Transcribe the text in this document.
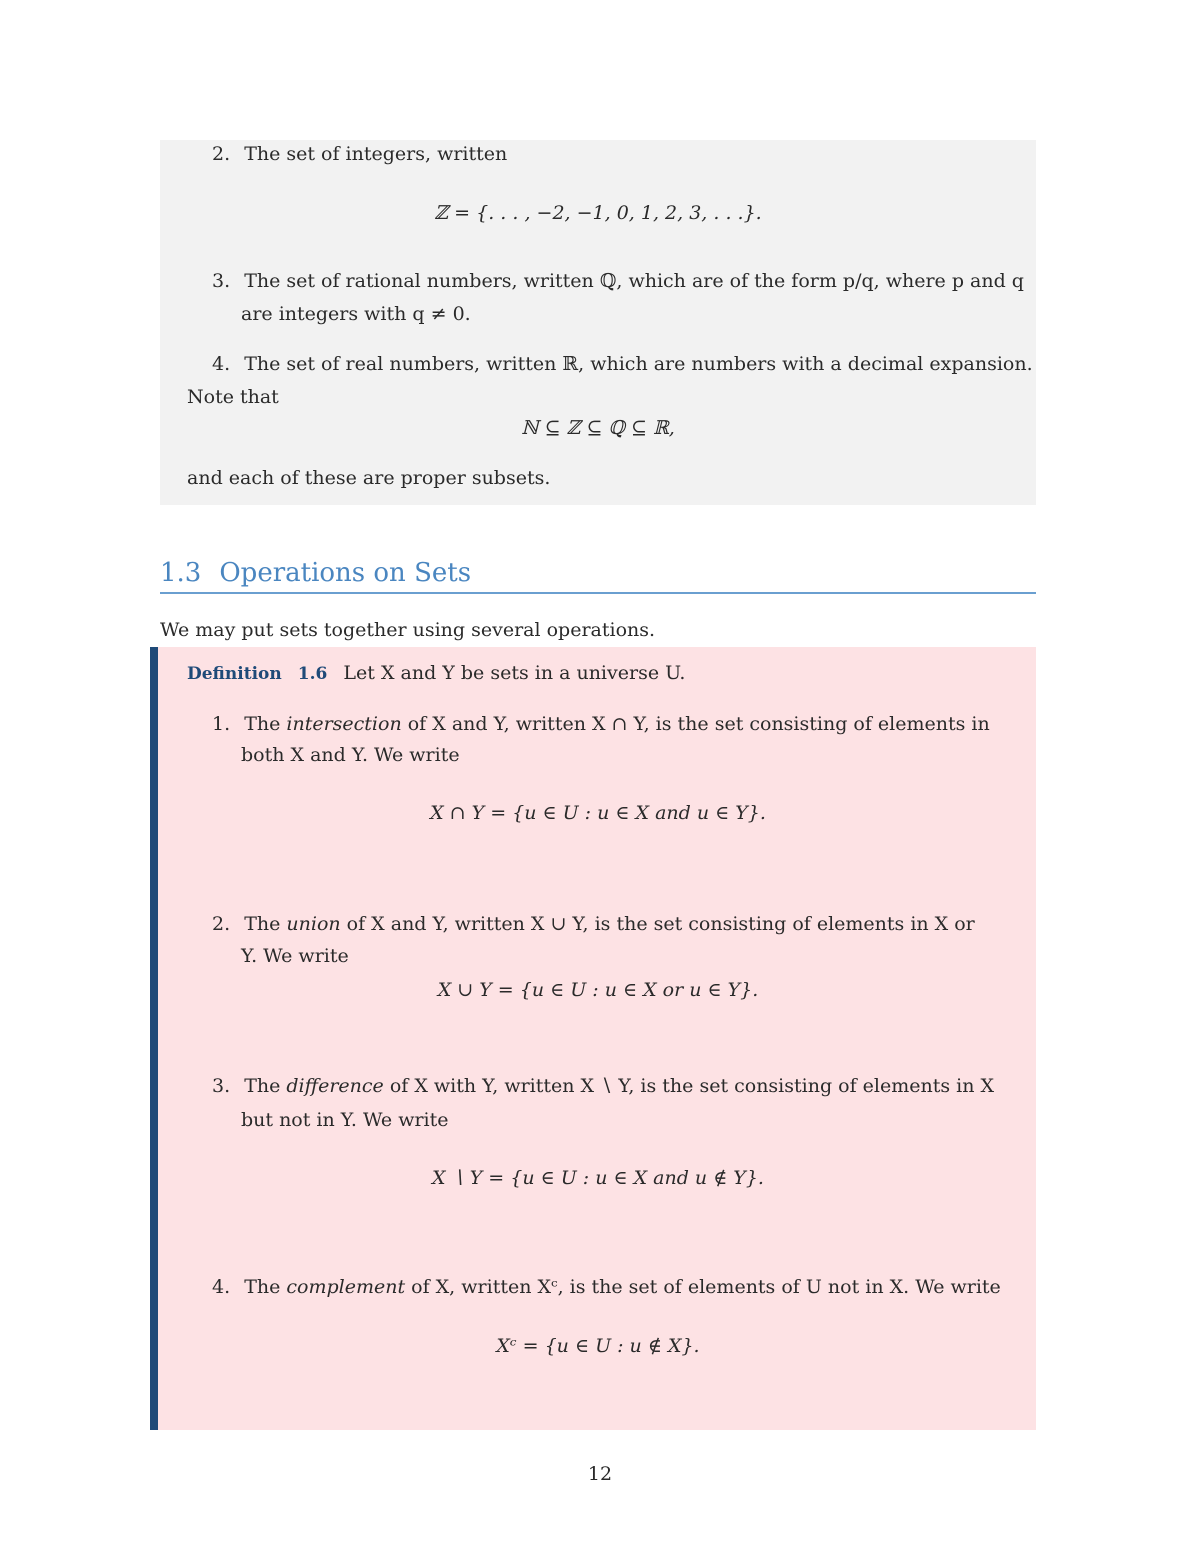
2. The set of integers, written
ℤ = {. . . , −2, −1, 0, 1, 2, 3, . . .}.
3. The set of rational numbers, written ℚ, which are of the form p/q, where p and q
are integers with q ≠ 0.
4. The set of real numbers, written ℝ, which are numbers with a decimal expansion.
Note that
ℕ ⊆ ℤ ⊆ ℚ ⊆ ℝ,
and each of these are proper subsets.
1.3 Operations on Sets
We may put sets together using several operations.
Definition 1.6 Let X and Y be sets in a universe U.
1. The intersection of X and Y, written X ∩ Y, is the set consisting of elements in
both X and Y. We write
X ∩ Y = {u ∈ U : u ∈ X and u ∈ Y}.
2. The union of X and Y, written X ∪ Y, is the set consisting of elements in X or
Y. We write
X ∪ Y = {u ∈ U : u ∈ X or u ∈ Y}.
3. The difference of X with Y, written X ∖ Y, is the set consisting of elements in X
but not in Y. We write
X ∖ Y = {u ∈ U : u ∈ X and u ∉ Y}.
4. The complement of X, written Xᶜ, is the set of elements of U not in X. We write
Xᶜ = {u ∈ U : u ∉ X}.
12
